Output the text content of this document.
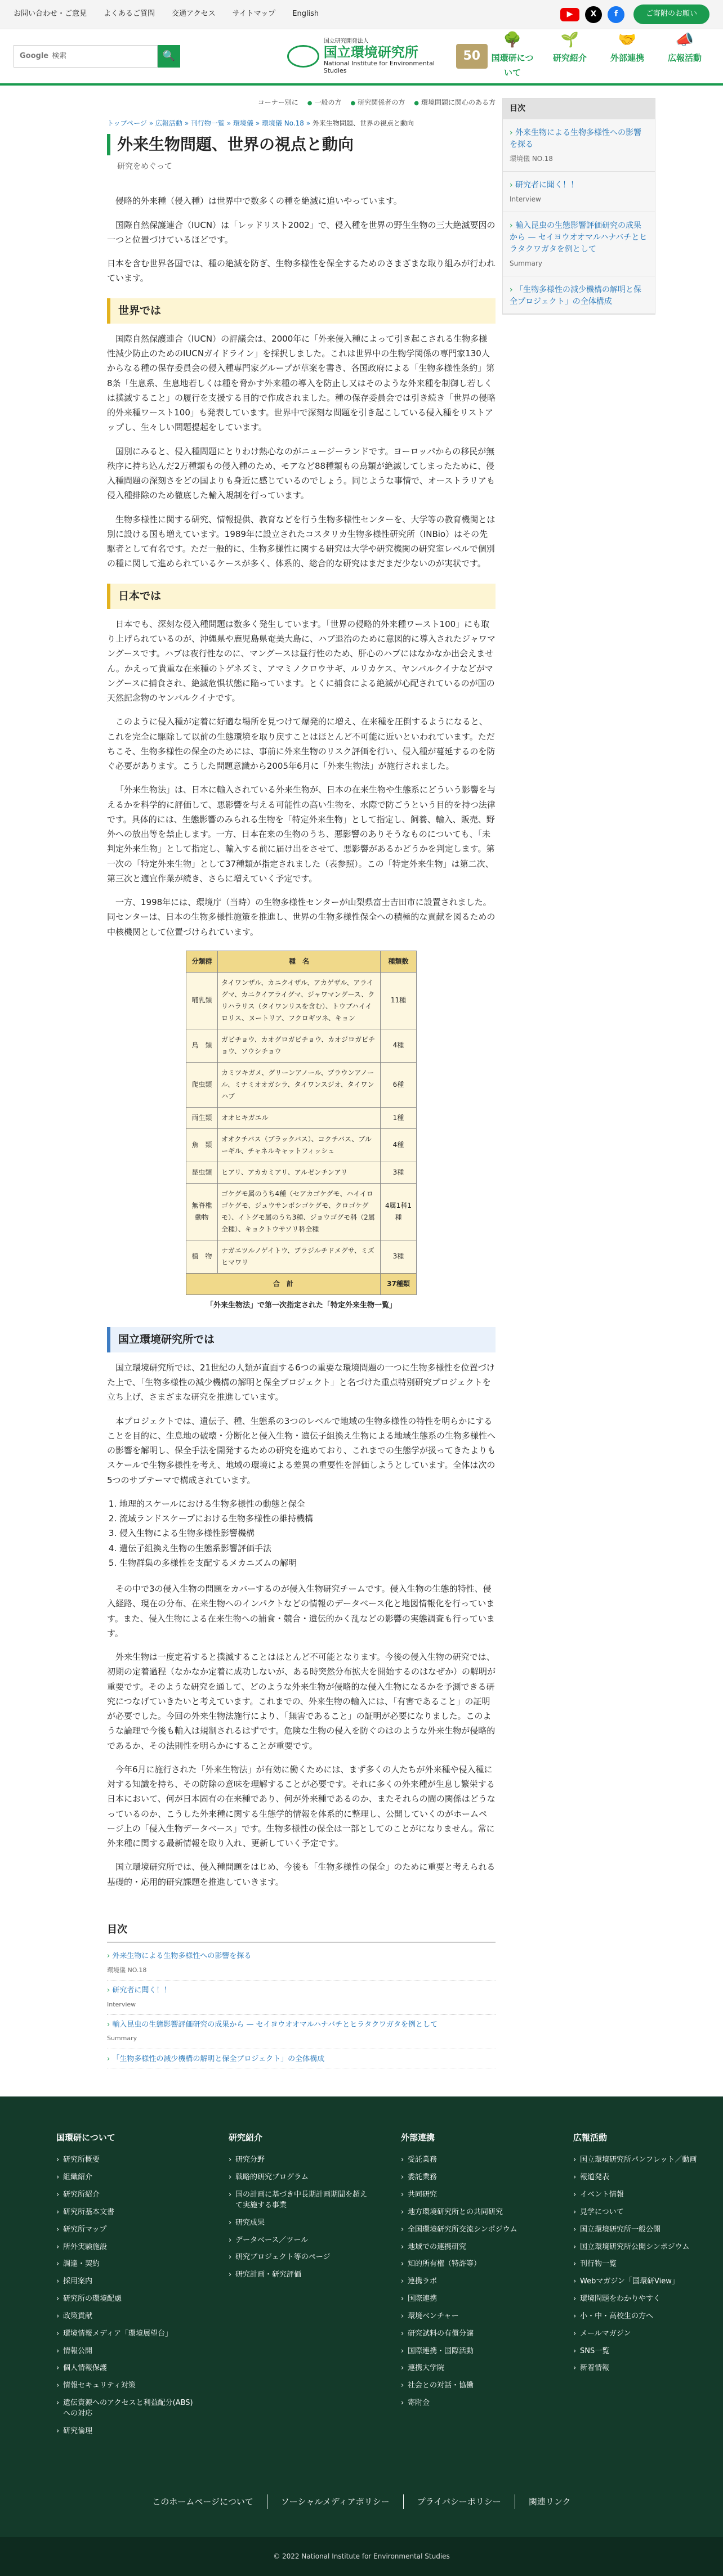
お問い合わせ・ご意見 よくあるご質問 交通アクセス サイトマップ English	▶	X	f	ご寄附のお願い
Google 検索	🔍
国立研究開発法人
国立環境研究所
National Institute for Environmental Studies
50
🌳
国環研について
🌱
研究紹介
🤝
外部連携
📣
広報活動
コーナー別に	● 一般の方	● 研究関係者の方	● 環境問題に関心のある方
トップページ » 広報活動 » 刊行物一覧 » 環境儀 » 環境儀 No.18 » 外来生物問題、世界の視点と動向
外来生物問題、世界の視点と動向
研究をめぐって

侵略的外来種（侵入種）は世界中で数多くの種を絶滅に追いやっています。

国際自然保護連合（IUCN）は「レッドリスト2002」で、侵入種を世界の野生生物の三大絶滅要因の一つと位置づけているほどです。

日本を含む世界各国では、種の絶滅を防ぎ、生物多様性を保全するためのさまざまな取り組みが行われています。

世界では

国際自然保護連合（IUCN）の評議会は、2000年に「外来侵入種によって引き起こされる生物多様性減少防止のためのIUCNガイドライン」を採択しました。これは世界中の生物学関係の専門家130人からなる種の保存委員会の侵入種専門家グループが草案を書き、各国政府による「生物多様性条約」第8条「生息系、生息地若しくは種を脅かす外来種の導入を防止し又はそのような外来種を制御し若しくは撲滅すること」の履行を支援する目的で作成されました。種の保存委員会では引き続き「世界の侵略的外来種ワースト100」も発表しています。世界中で深刻な問題を引き起こしている侵入種をリストアップし、生々しい問題提起をしています。

国別にみると、侵入種問題にとりわけ熱心なのがニュージーランドです。ヨーロッパからの移民が無秩序に持ち込んだ2万種類もの侵入種のため、モアなど88種類もの鳥類が絶滅してしまったために、侵入種問題の深刻さをどの国よりも身近に感じているのでしょう。同じような事情で、オーストラリアも侵入種排除のため徹底した輸入規制を行っています。

生物多様性に関する研究、情報提供、教育などを行う生物多様性センターを、大学等の教育機関とは別に設ける国も増えています。1989年に設立されたコスタリカ生物多様性研究所（INBio）はその先駆者として有名です。ただ一般的に、生物多様性に関する研究は大学や研究機関の研究室レベルで個別の種に関して進められているケースが多く、体系的、総合的な研究はまだまだ少ないのが実状です。

日本では

日本でも、深刻な侵入種問題は数多く発生しています。「世界の侵略的外来種ワースト100」にも取り上げられているのが、沖縄県や鹿児島県奄美大島に、ハブ退治のために意図的に導入されたジャワマングースです。ハブは夜行性なのに、マングースは昼行性のため、肝心のハブにはなかなか出会えません。かえって貴重な在来種のトゲネズミ、アマミノクロウサギ、ルリカケス、ヤンバルクイナなどがマングースに捕食され、絶滅危惧状態に陥っています。とくに捕食による絶滅が心配されているのが国の天然記念物のヤンバルクイナです。

このように侵入種が定着に好適な場所を見つけて爆発的に増え、在来種を圧倒するようになると、これを完全に駆除して以前の生態環境を取り戻すことはほとんど不可能に近いといわれています。ただちこそ、生物多様性の保全のためには、事前に外来生物のリスク評価を行い、侵入種が蔓延するのを防ぐ必要があります。こうした問題意識から2005年6月に「外来生物法」が施行されました。

「外来生物法」は、日本に輸入されている外来生物が、日本の在来生物や生態系にどういう影響を与えるかを科学的に評価して、悪影響を与える可能性の高い生物を、水際で防ごうという目的を持つ法律です。具体的には、生態影響のみられる生物を「特定外来生物」として指定し、飼養、輸入、販売、野外への放出等を禁止します。一方、日本在来の生物のうち、悪影響のありそうなものについても、「未判定外来生物」として指定し、輸入する前に届け出をさせて、悪影響があるかどうかを判定します。第一次の「特定外来生物」として37種類が指定されました（表参照）。この「特定外来生物」は第二次、第三次と適宜作業が続き、さらに増えていく予定です。

一方、1998年には、環境庁（当時）の生物多様性センターが山梨県富士吉田市に設置されました。同センターは、日本の生物多様性施策を推進し、世界の生物多様性保全への積極的な貢献を図るための中核機関として位置づけられています。

分類群	種　名	種類数
哺乳類	タイワンザル、カニクイザル、アカゲザル、アライグマ、カニクイアライグマ、ジャワマングース、クリハラリス（タイワンリスを含む）、トウブハイイロリス、ヌートリア、フクロギツネ、キョン	11種
鳥　類	ガビチョウ、カオグロガビチョウ、カオジロガビチョウ、ソウシチョウ	4種
爬虫類	カミツキガメ、グリーンアノール、ブラウンアノール、ミナミオオガシラ、タイワンスジオ、タイワンハブ	6種
両生類	オオヒキガエル	1種
魚　類	オオクチバス（ブラックバス）、コクチバス、ブルーギル、チャネルキャットフィッシュ	4種
昆虫類	ヒアリ、アカカミアリ、アルゼンチンアリ	3種
無脊椎動物	ゴケグモ属のうち4種（セアカゴケグモ、ハイイロゴケグモ、ジュウサンボシゴケグモ、クロゴケグモ）、イトグモ属のうち3種、ジョウゴグモ科（2属全種）、キョクトウサソリ科全種	4属1科1種
植　物	ナガエツルノゲイトウ、ブラジルチドメグサ、ミズヒマワリ	3種
合　計		37種類
「外来生物法」で第一次指定された「特定外来生物一覧」
国立環境研究所では

国立環境研究所では、21世紀の人類が直面する6つの重要な環境問題の一つに生物多様性を位置づけた上で、「生物多様性の減少機構の解明と保全プロジェクト」と名づけた重点特別研究プロジェクトを立ち上げ、さまざまな研究を推進しています。

本プロジェクトでは、遺伝子、種、生態系の3つのレベルで地域の生物多様性の特性を明らかにすることを目的に、生息地の破壊・分断化と侵入生物・遺伝子組換え生物による地域生態系の生物多様性への影響を解明し、保全手法を開発するための研究を進めており、これまでの生態学が扱ってきたよりもスケールで生物多様性を考え、地域の環境による差異の重要性を評価しようとしています。全体は次の5つのサブテーマで構成されています。

1. 地理的スケールにおける生物多様性の動態と保全
2. 流域ランドスケープにおける生物多様性の維持機構
3. 侵入生物による生物多様性影響機構
4. 遺伝子組換え生物の生態系影響評価手法
5. 生物群集の多様性を支配するメカニズムの解明

その中で3の侵入生物の問題をカバーするのが侵入生物研究チームです。侵入生物の生態的特性、侵入経路、現在の分布、在来生物へのインパクトなどの情報のデータベース化と地図情報化を行っています。また、侵入生物による在来生物への捕食・競合・遺伝的かく乱などの影響の実態調査も行っています。

外来生物は一度定着すると撲滅することはほとんど不可能となります。今後の侵入生物の研究では、初期の定着過程（なかなか定着に成功しないが、ある時突然分布拡大を開始するのはなぜか）の解明が重要です。そのような研究を通して、どのような外来生物が侵略的な侵入生物になるかを予測できる研究につなげていきたいと考えています。これまでの、外来生物の輸入には、「有害であること」の証明が必要でした。今回の外来生物法施行により、「無害であること」の証明が必要になりました。このような論理で今後も輸入は規制されるはずです。危険な生物の侵入を防ぐのはのような外来生物が侵略的であるか、その法則性を明らかにすることが重要です。

今年6月に施行された「外来生物法」が有効に働くためには、まず多くの人たちが外来種や侵入種に対する知識を持ち、その防除の意味を理解することが必要です。それに多くの外来種が生息し繁栄する日本において、何が日本固有の在来種であり、何が外来種であるのか、またそれらの間の関係はどうなっているのか、こうした外来種に関する生態学的情報を体系的に整理し、公開していくのがホームページ上の「侵入生物データベース」です。生物多様性の保全は一部としてのことがになりません。常に外来種に関する最新情報を取り入れ、更新していく予定です。

国立環境研究所では、侵入種問題をはじめ、今後も「生物多様性の保全」のために重要と考えられる基礎的・応用的研究課題を推進していきます。

目次
› 外来生物による生物多様性への影響を探る
環境儀 NO.18
› 研究者に聞く！！
Interview
› 輸入昆虫の生態影響評価研究の成果から — セイヨウオオマルハナバチとヒラタクワガタを例として
Summary
› 「生物多様性の減少機構の解明と保全プロジェクト」の全体構成
目次
› 外来生物による生物多様性への影響を探る
環境儀 NO.18
› 研究者に聞く！！
Interview
› 輸入昆虫の生態影響評価研究の成果から — セイヨウオオマルハナバチとヒラタクワガタを例として
Summary
› 「生物多様性の減少機構の解明と保全プロジェクト」の全体構成
国環研について
› 研究所概要
› 組織紹介
› 研究所紹介
› 研究所基本文書
› 研究所マップ
› 所外実験施設
› 調達・契約
› 採用案内
› 研究所の環境配慮
› 政策貢献
› 環境情報メディア「環境展望台」
› 情報公開
› 個人情報保護
› 情報セキュリティ対策
› 遺伝資源へのアクセスと利益配分(ABS)への対応
› 研究倫理
研究紹介
› 研究分野
› 戦略的研究プログラム
› 国の計画に基づき中長期計画期間を超えて実施する事業
› 研究成果
› データベース／ツール
› 研究プロジェクト等のページ
› 研究計画・研究評価
外部連携
› 受託業務
› 委託業務
› 共同研究
› 地方環境研究所との共同研究
› 全国環境研究所交流シンポジウム
› 地域での連携研究
› 知的所有権（特許等）
› 連携ラボ
› 国際連携
› 環境ベンチャー
› 研究試料の有償分譲
› 国際連携・国際活動
› 連携大学院
› 社会との対話・協働
› 寄附金
広報活動
› 国立環境研究所パンフレット／動画
› 報道発表
› イベント情報
› 見学について
› 国立環境研究所一般公開
› 国立環境研究所公開シンポジウム
› 刊行物一覧
› Webマガジン「国環研View」
› 環境問題をわかりやすく
› 小・中・高校生の方へ
› メールマガジン
› SNS一覧
› 新着情報
このホームページについて	ソーシャルメディアポリシー	プライバシーポリシー	関連リンク
© 2022 National Institute for Environmental Studies
